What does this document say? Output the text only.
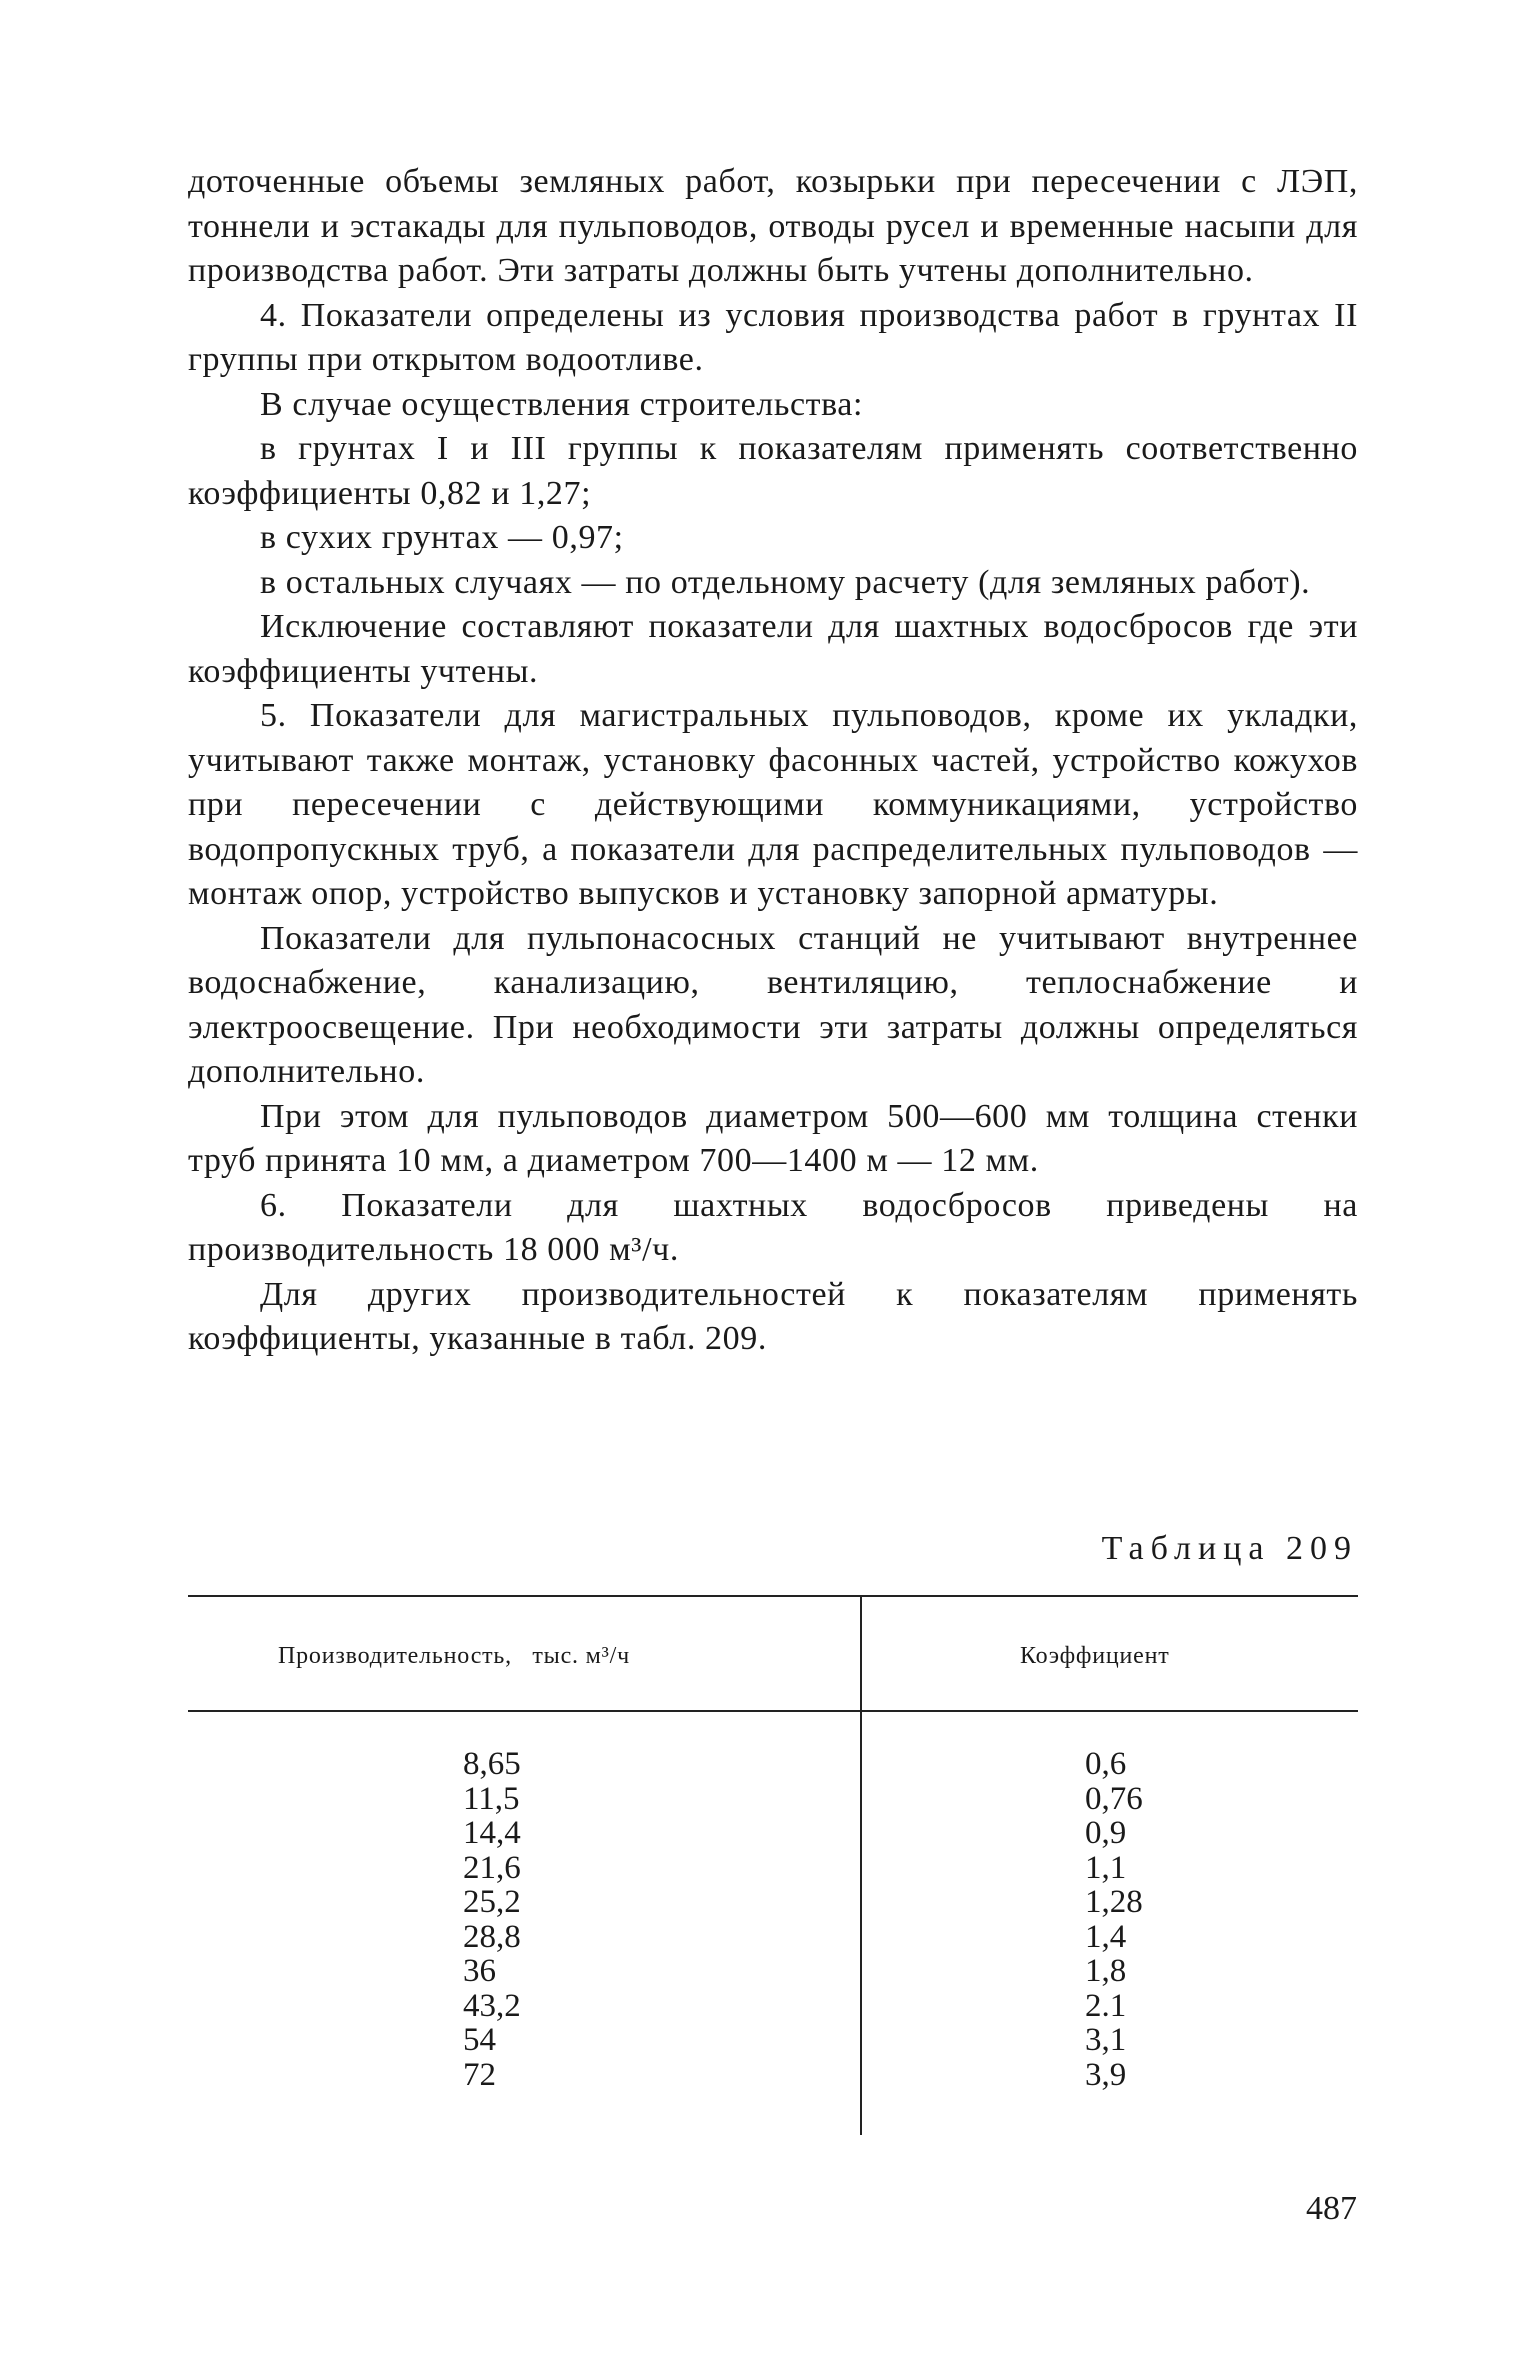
доточенные объемы земляных работ, козырьки при пересечении с ЛЭП, тоннели и эстакады для пульповодов, отводы русел и временные насыпи для производства работ. Эти затраты должны быть учтены дополнительно.

4. Показатели определены из условия производства работ в грунтах II группы при открытом водоотливе.

В случае осуществления строительства:

в грунтах I и III группы к показателям применять соответственно коэффициенты 0,82 и 1,27;

в сухих грунтах — 0,97;

в остальных случаях — по отдельному расчету (для земляных работ).

Исключение составляют показатели для шахтных водосбросов где эти коэффициенты учтены.

5. Показатели для магистральных пульповодов, кроме их укладки, учитывают также монтаж, установку фасонных частей, устройство кожухов при пересечении с действующими коммуникациями, устройство водопропускных труб, а показатели для распределительных пульповодов — монтаж опор, устройство выпусков и установку запорной арматуры.

Показатели для пульпонасосных станций не учитывают внутреннее водоснабжение, канализацию, вентиляцию, теплоснабжение и электроосвещение. При необходимости эти затраты должны определяться дополнительно.

При этом для пульповодов диаметром 500—600 мм толщина стенки труб принята 10 мм, а диаметром 700—1400 м — 12 мм.

6. Показатели для шахтных водосбросов приведены на производительность 18 000 м³/ч.

Для других производительностей к показателям применять коэффициенты, указанные в табл. 209.

Таблица 209
Производительность,   тыс. м³/ч	Коэффициент
8,65
11,5
14,4
21,6
25,2
28,8
36
43,2
54
72
0,6
0,76
0,9
1,1
1,28
1,4
1,8
2.1
3,1
3,9
487
